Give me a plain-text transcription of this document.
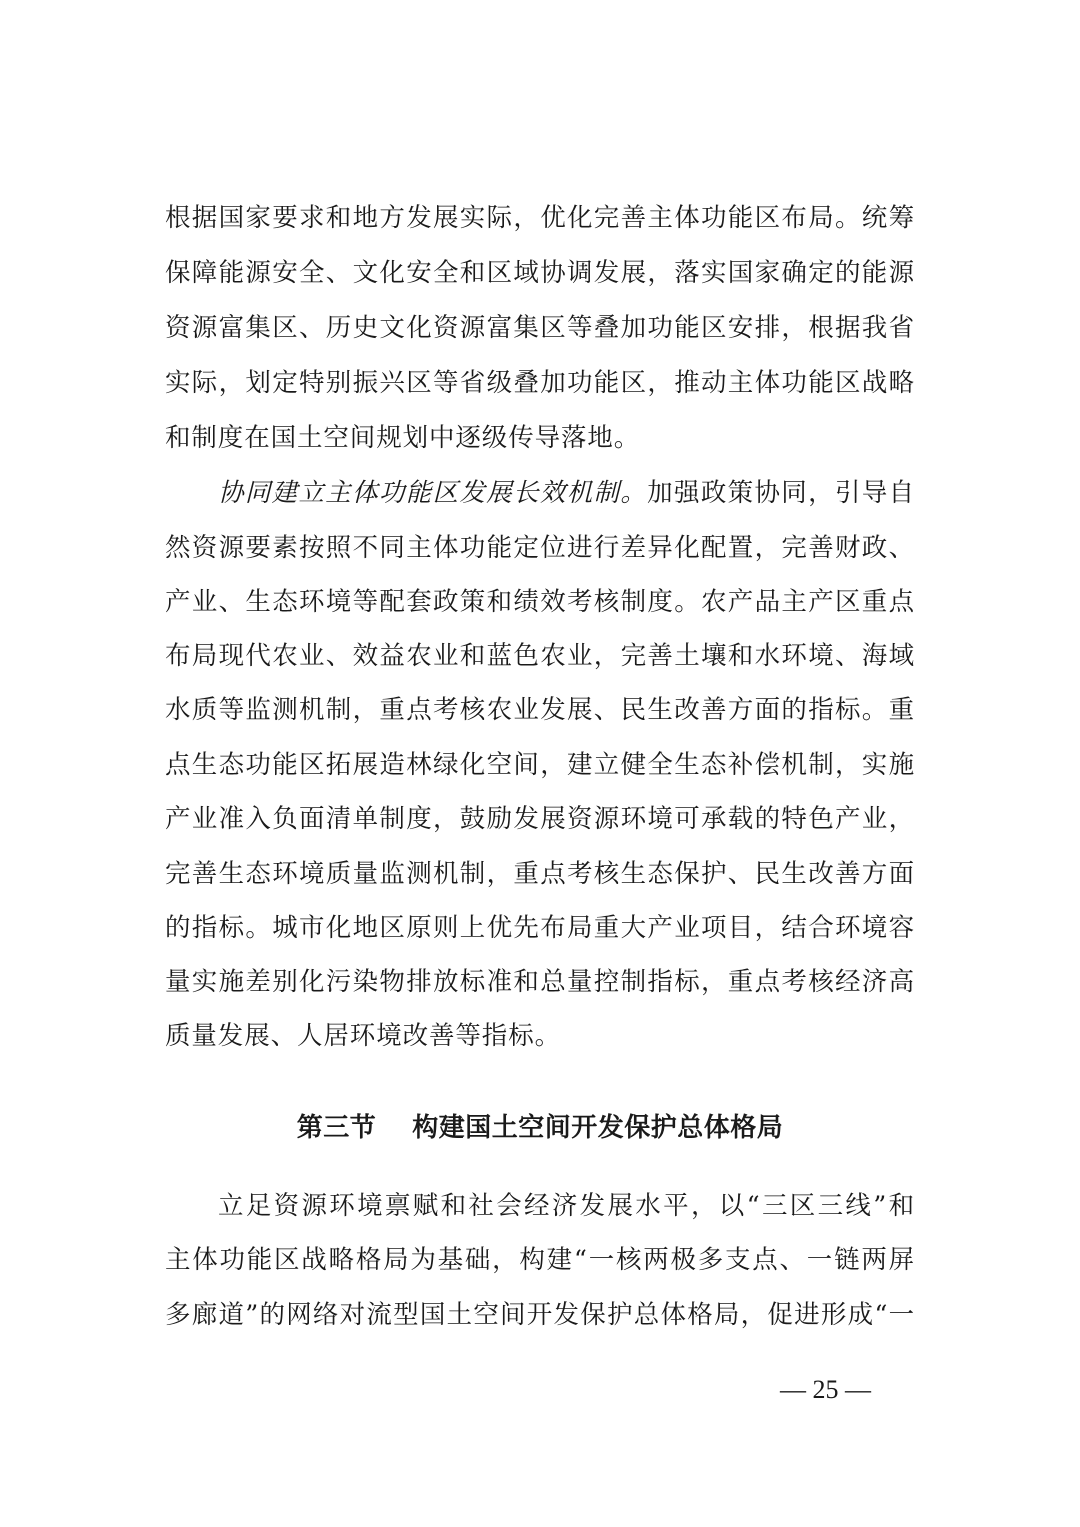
根据国家要求和地方发展实际，优化完善主体功能区布局。统筹
保障能源安全、文化安全和区域协调发展，落实国家确定的能源
资源富集区、历史文化资源富集区等叠加功能区安排，根据我省
实际，划定特别振兴区等省级叠加功能区，推动主体功能区战略
和制度在国土空间规划中逐级传导落地。
协同建立主体功能区发展长效机制。加强政策协同，引导自
然资源要素按照不同主体功能定位进行差异化配置，完善财政、
产业、生态环境等配套政策和绩效考核制度。农产品主产区重点
布局现代农业、效益农业和蓝色农业，完善土壤和水环境、海域
水质等监测机制，重点考核农业发展、民生改善方面的指标。重
点生态功能区拓展造林绿化空间，建立健全生态补偿机制，实施
产业准入负面清单制度，鼓励发展资源环境可承载的特色产业，
完善生态环境质量监测机制，重点考核生态保护、民生改善方面
的指标。城市化地区原则上优先布局重大产业项目，结合环境容
量实施差别化污染物排放标准和总量控制指标，重点考核经济高
质量发展、人居环境改善等指标。
第三节 构建国土空间开发保护总体格局
立足资源环境禀赋和社会经济发展水平，以“三区三线”和
主体功能区战略格局为基础，构建“一核两极多支点、一链两屏
多廊道”的网络对流型国土空间开发保护总体格局，促进形成“一
— 25 —
